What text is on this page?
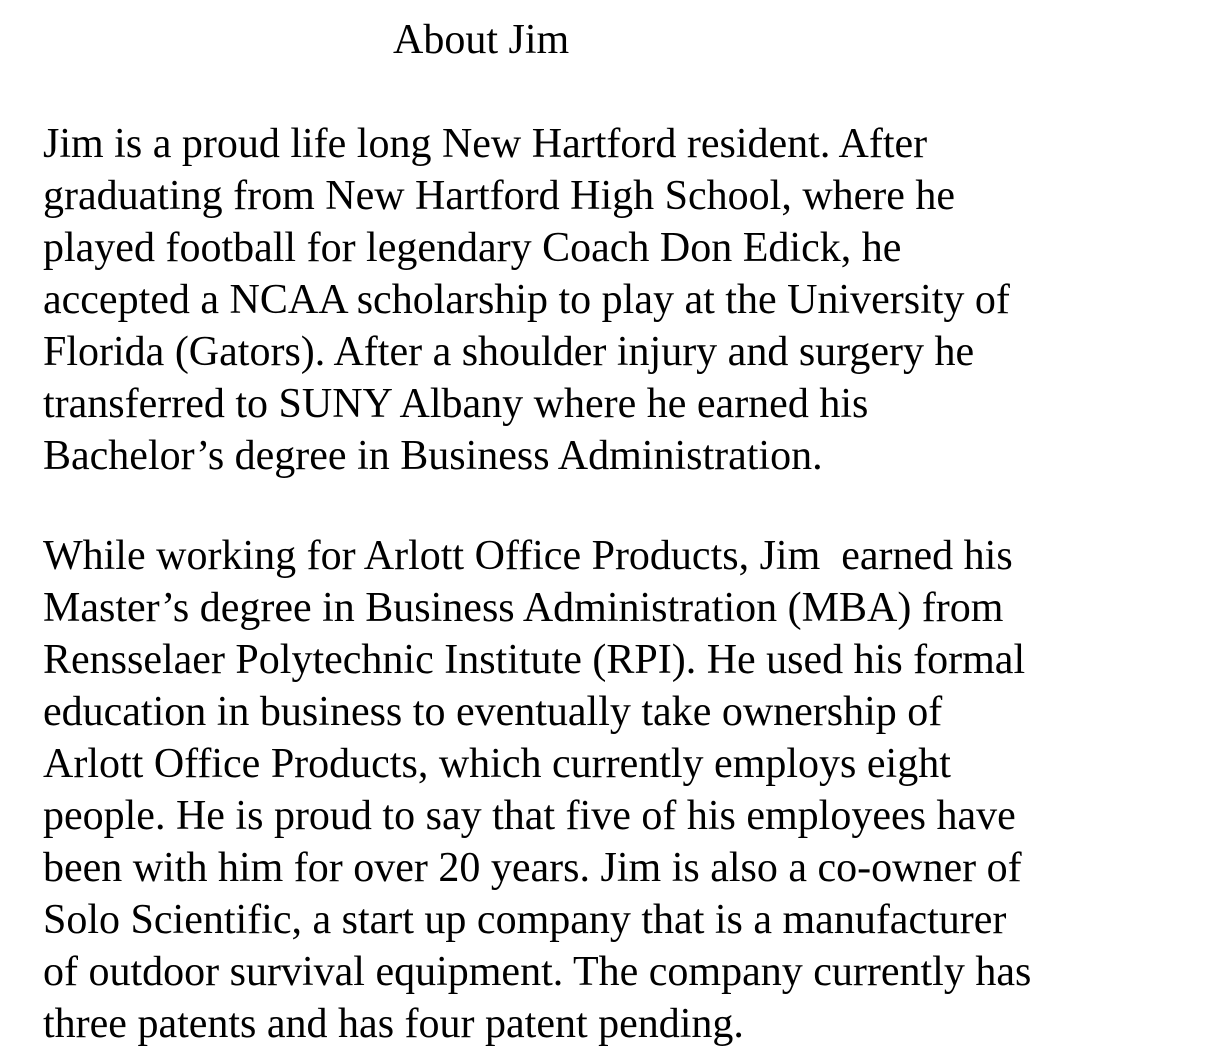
About Jim

Jim is a proud life long New Hartford resident. After
graduating from New Hartford High School, where he
played football for legendary Coach Don Edick, he
accepted a NCAA scholarship to play at the University of
Florida (Gators). After a shoulder injury and surgery he
transferred to SUNY Albany where he earned his
Bachelor’s degree in Business Administration.

While working for Arlott Office Products, Jim  earned his
Master’s degree in Business Administration (MBA) from
Rensselaer Polytechnic Institute (RPI). He used his formal
education in business to eventually take ownership of
Arlott Office Products, which currently employs eight
people. He is proud to say that five of his employees have
been with him for over 20 years. Jim is also a co-owner of
Solo Scientific, a start up company that is a manufacturer
of outdoor survival equipment. The company currently has
three patents and has four patent pending.
